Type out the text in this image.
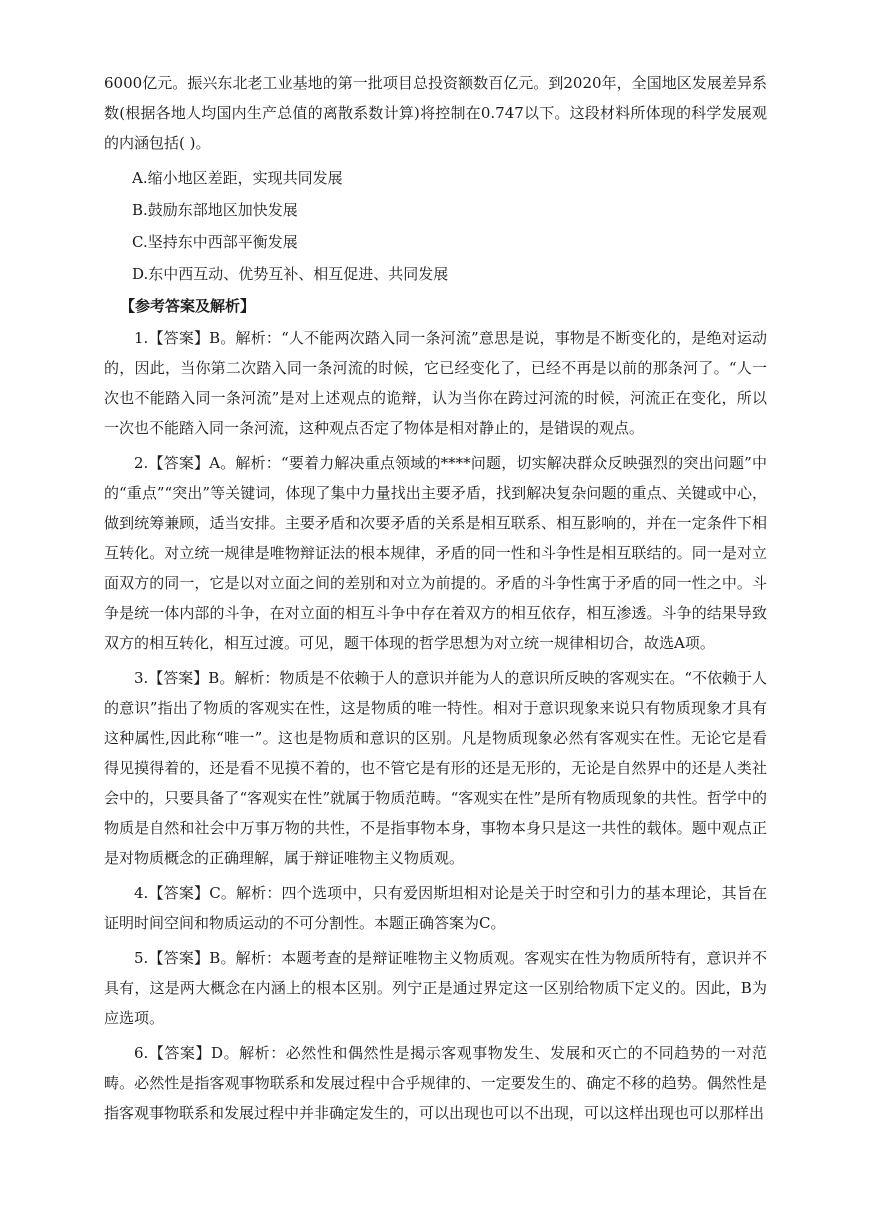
6000亿元。振兴东北老工业基地的第一批项目总投资额数百亿元。到2020年，全国地区发展差异系数(根据各地人均国内生产总值的离散系数计算)将控制在0.747以下。这段材料所体现的科学发展观的内涵包括( )。

A.缩小地区差距，实现共同发展

B.鼓励东部地区加快发展

C.坚持东中西部平衡发展

D.东中西互动、优势互补、相互促进、共同发展

【参考答案及解析】

1.【答案】B。解析：“人不能两次踏入同一条河流”意思是说，事物是不断变化的，是绝对运动的，因此，当你第二次踏入同一条河流的时候，它已经变化了，已经不再是以前的那条河了。“人一次也不能踏入同一条河流”是对上述观点的诡辩，认为当你在跨过河流的时候，河流正在变化，所以一次也不能踏入同一条河流，这种观点否定了物体是相对静止的，是错误的观点。

2.【答案】A。解析：“要着力解决重点领域的****问题，切实解决群众反映强烈的突出问题”中的“重点”“突出”等关键词，体现了集中力量找出主要矛盾，找到解决复杂问题的重点、关键或中心，做到统筹兼顾，适当安排。主要矛盾和次要矛盾的关系是相互联系、相互影响的，并在一定条件下相互转化。对立统一规律是唯物辩证法的根本规律，矛盾的同一性和斗争性是相互联结的。同一是对立面双方的同一，它是以对立面之间的差别和对立为前提的。矛盾的斗争性寓于矛盾的同一性之中。斗争是统一体内部的斗争，在对立面的相互斗争中存在着双方的相互依存，相互渗透。斗争的结果导致双方的相互转化，相互过渡。可见，题干体现的哲学思想为对立统一规律相切合，故选A项。

3.【答案】B。解析：物质是不依赖于人的意识并能为人的意识所反映的客观实在。“不依赖于人的意识”指出了物质的客观实在性，这是物质的唯一特性。相对于意识现象来说只有物质现象才具有这种属性,因此称“唯一”。这也是物质和意识的区别。凡是物质现象必然有客观实在性。无论它是看得见摸得着的，还是看不见摸不着的，也不管它是有形的还是无形的，无论是自然界中的还是人类社会中的，只要具备了“客观实在性”就属于物质范畴。“客观实在性”是所有物质现象的共性。哲学中的物质是自然和社会中万事万物的共性，不是指事物本身，事物本身只是这一共性的载体。题中观点正是对物质概念的正确理解，属于辩证唯物主义物质观。

4.【答案】C。解析：四个选项中，只有爱因斯坦相对论是关于时空和引力的基本理论，其旨在证明时间空间和物质运动的不可分割性。本题正确答案为C。

5.【答案】B。解析：本题考查的是辩证唯物主义物质观。客观实在性为物质所特有，意识并不具有，这是两大概念在内涵上的根本区别。列宁正是通过界定这一区别给物质下定义的。因此，B为应选项。

6.【答案】D。解析：必然性和偶然性是揭示客观事物发生、发展和灭亡的不同趋势的一对范畴。必然性是指客观事物联系和发展过程中合乎规律的、一定要发生的、确定不移的趋势。偶然性是指客观事物联系和发展过程中并非确定发生的，可以出现也可以不出现，可以这样出现也可以那样出
